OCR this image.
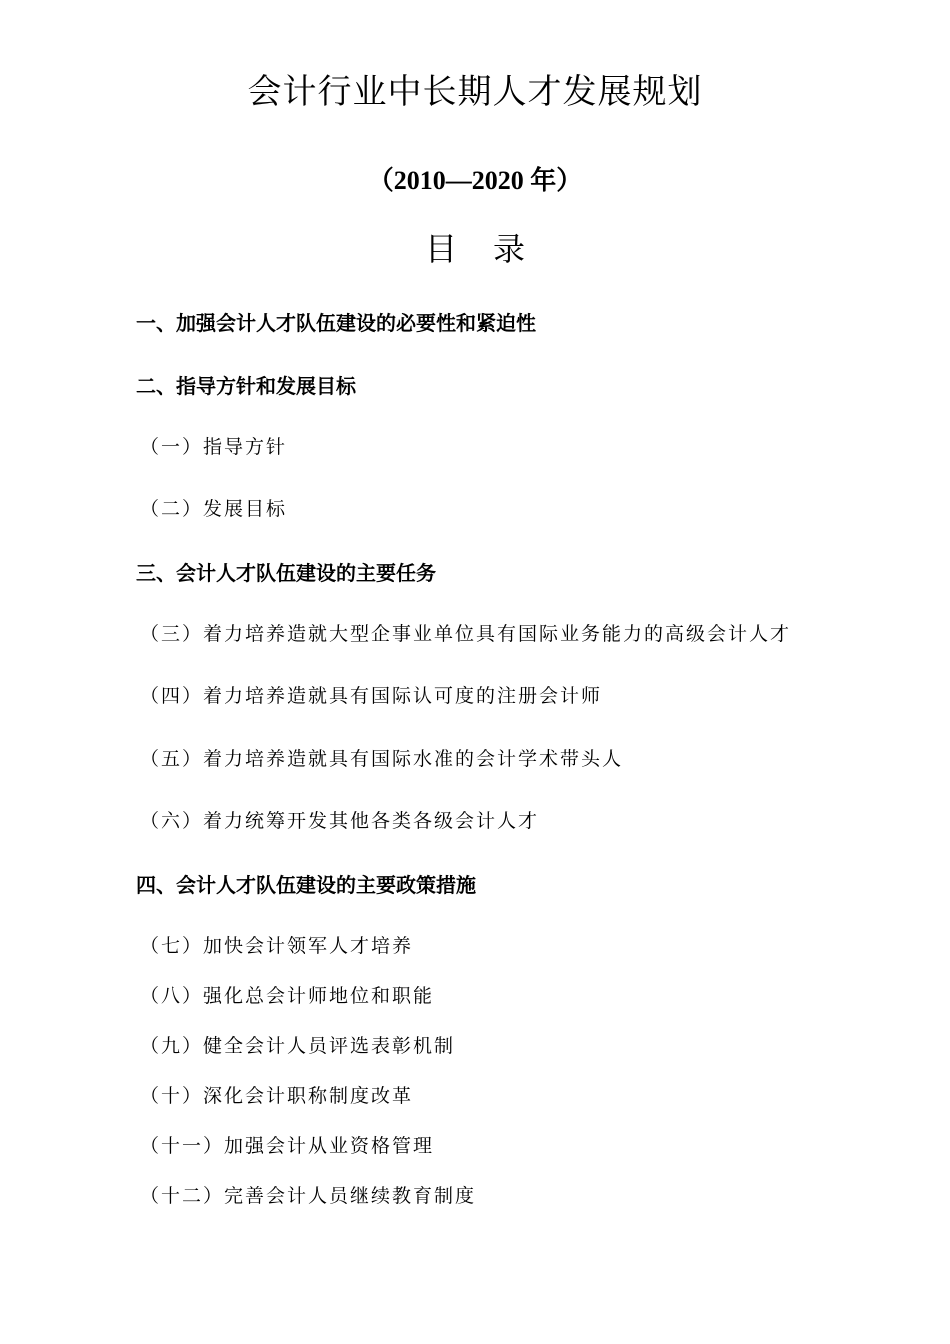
会计行业中长期人才发展规划
（2010—2020 年）
目录
一、加强会计人才队伍建设的必要性和紧迫性
二、指导方针和发展目标
（一）指导方针
（二）发展目标
三、会计人才队伍建设的主要任务
（三）着力培养造就大型企事业单位具有国际业务能力的高级会计人才
（四）着力培养造就具有国际认可度的注册会计师
（五）着力培养造就具有国际水准的会计学术带头人
（六）着力统筹开发其他各类各级会计人才
四、会计人才队伍建设的主要政策措施
（七）加快会计领军人才培养
（八）强化总会计师地位和职能
（九）健全会计人员评选表彰机制
（十）深化会计职称制度改革
（十一）加强会计从业资格管理
（十二）完善会计人员继续教育制度
